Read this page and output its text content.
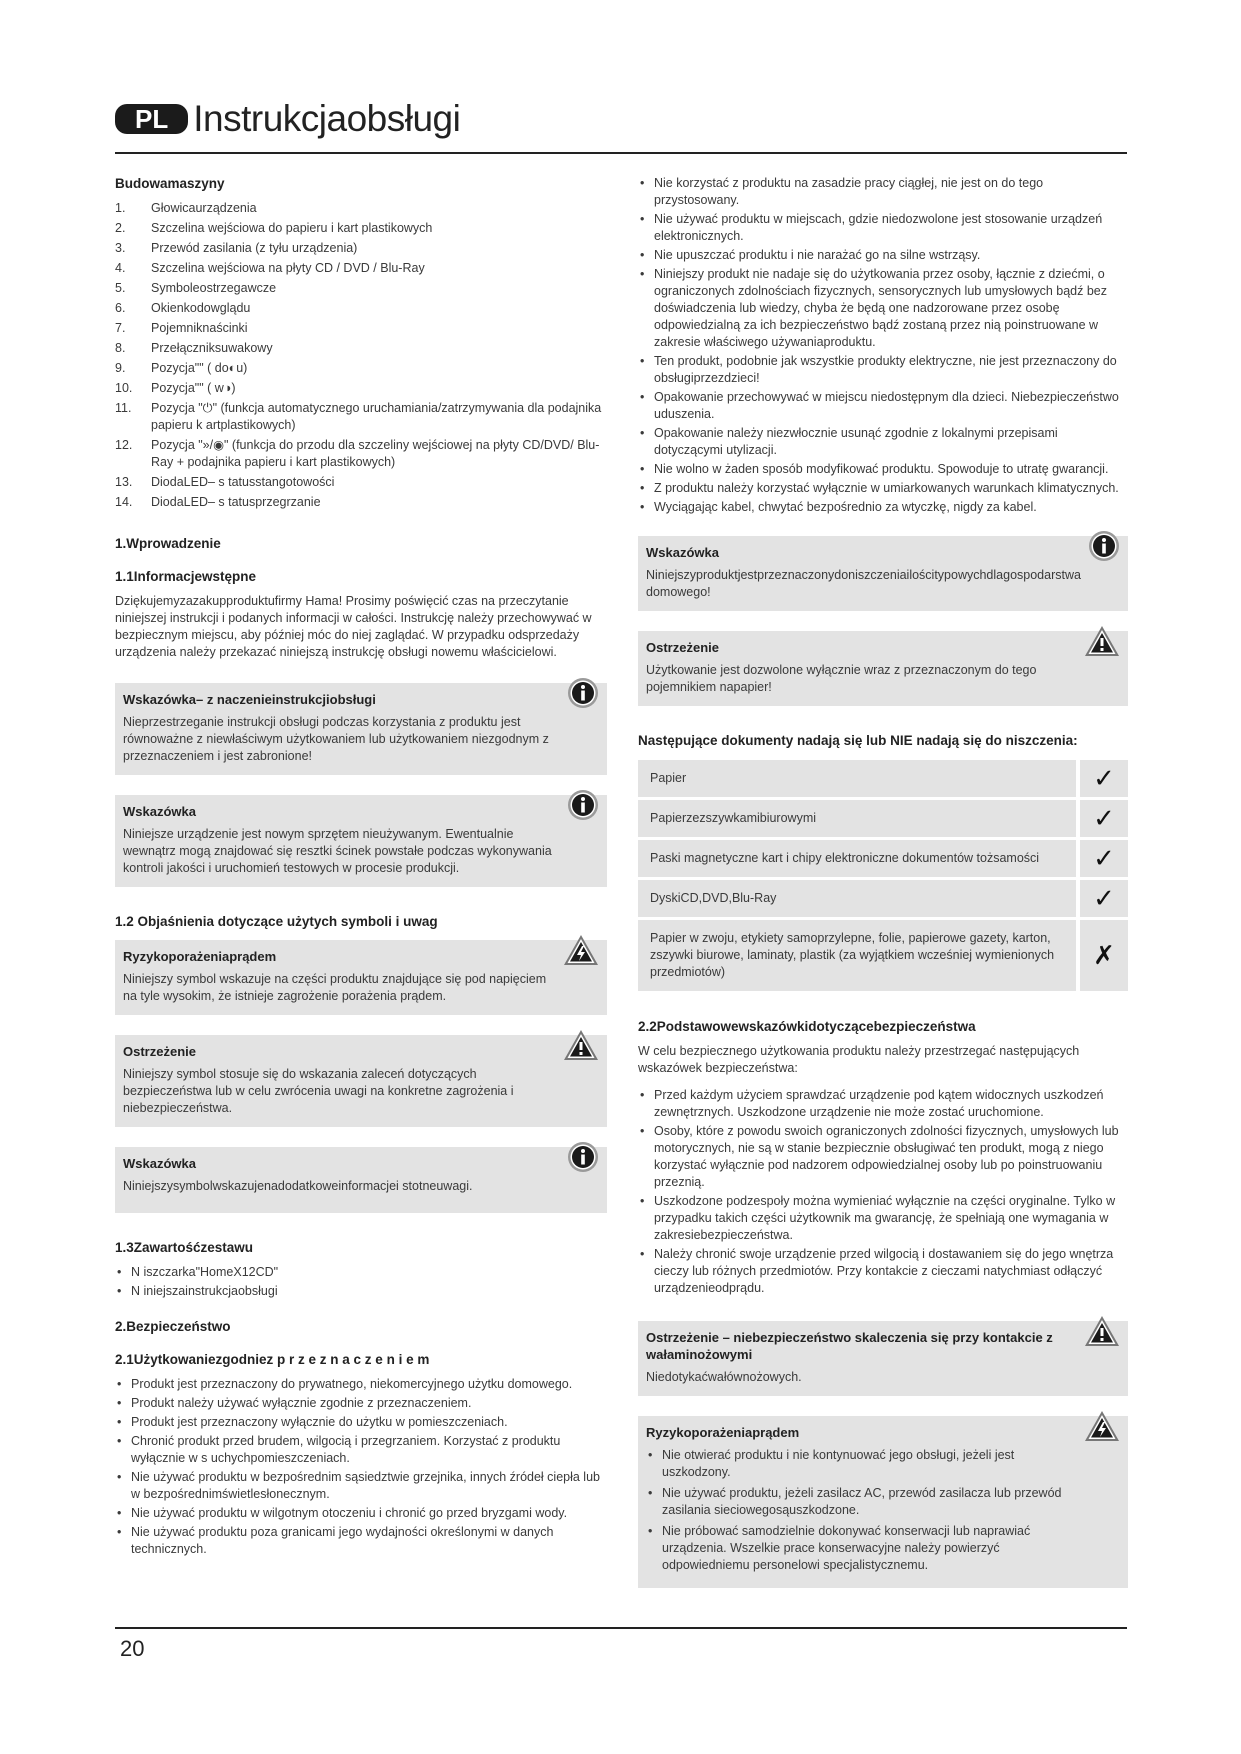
PL Instrukcjaobsługi
Budowamaszyny
1.	Głowicaurządzenia
2.	Szczelina wejściowa do papieru i kart plastikowych
3.	Przewód zasilania (z tyłu urządzenia)
4.	Szczelina wejściowa na płyty CD / DVD / Blu-Ray
5.	Symboleostrzegawcze
6.	Okienkodowglądu
7.	Pojemniknaścinki
8.	Przełączniksuwakowy
9.	Pozycja"" ( do◐u)
10.	Pozycja"" ( w◑)
11.	Pozycja "⏻" (funkcja automatycznego uruchamiania/zatrzymywania dla podajnika papieru k artplastikowych)
12.	Pozycja "»/◉" (funkcja do przodu dla szczeliny wejściowej na płyty CD/DVD/ Blu-Ray + podajnika papieru i kart plastikowych)
13.	DiodaLED– s tatusstangotowości
14.	DiodaLED– s tatusprzegrzanie
1.Wprowadzenie
1.1Informacjewstępne

Dziękujemyzazakupproduktufirmy Hama! Prosimy poświęcić czas na przeczytanie niniejszej instrukcji i podanych informacji w całości. Instrukcję należy przechowywać w bezpiecznym miejscu, aby później móc do niej zaglądać. W przypadku odsprzedaży urządzenia należy przekazać niniejszą instrukcję obsługi nowemu właścicielowi.

Wskazówka– z naczenieinstrukcjiobsługi

Nieprzestrzeganie instrukcji obsługi podczas korzystania z produktu jest równoważne z niewłaściwym użytkowaniem lub użytkowaniem niezgodnym z przeznaczeniem i jest zabronione!

Wskazówka

Niniejsze urządzenie jest nowym sprzętem nieużywanym. Ewentualnie wewnątrz mogą znajdować się resztki ścinek powstałe podczas wykonywania kontroli jakości i uruchomień testowych w procesie produkcji.

1.2 Objaśnienia dotyczące użytych symboli i uwag
Ryzykoporażeniaprądem

Niniejszy symbol wskazuje na części produktu znajdujące się pod napięciem na tyle wysokim, że istnieje zagrożenie porażenia prądem.

Ostrzeżenie

Niniejszy symbol stosuje się do wskazania zaleceń dotyczących bezpieczeństwa lub w celu zwrócenia uwagi na konkretne zagrożenia i niebezpieczeństwa.

Wskazówka

Niniejszysymbolwskazujenadodatkoweinformacjei stotneuwagi.

1.3Zawartośćzestawu
• N iszczarka"HomeX12CD"
• N iniejszainstrukcjaobsługi
2.Bezpieczeństwo
2.1Użytkowaniezgodniez p r z e z n a c z e n i e m
• Produkt jest przeznaczony do prywatnego, niekomercyjnego użytku domowego.
• Produkt należy używać wyłącznie zgodnie z przeznaczeniem.
• Produkt jest przeznaczony wyłącznie do użytku w pomieszczeniach.
• Chronić produkt przed brudem, wilgocią i przegrzaniem. Korzystać z produktu wyłącznie w s uchychpomieszczeniach.
• Nie używać produktu w bezpośrednim sąsiedztwie grzejnika, innych źródeł ciepła lub w bezpośrednimświetlesłonecznym.
• Nie używać produktu w wilgotnym otoczeniu i chronić go przed bryzgami wody.
• Nie używać produktu poza granicami jego wydajności określonymi w danych technicznych.
• Nie korzystać z produktu na zasadzie pracy ciągłej, nie jest on do tego przystosowany.
• Nie używać produktu w miejscach, gdzie niedozwolone jest stosowanie urządzeń elektronicznych.
• Nie upuszczać produktu i nie narażać go na silne wstrząsy.
• Niniejszy produkt nie nadaje się do użytkowania przez osoby, łącznie z dziećmi, o ograniczonych zdolnościach fizycznych, sensorycznych lub umysłowych bądź bez doświadczenia lub wiedzy, chyba że będą one nadzorowane przez osobę odpowiedzialną za ich bezpieczeństwo bądź zostaną przez nią poinstruowane w zakresie właściwego używaniaproduktu.
• Ten produkt, podobnie jak wszystkie produkty elektryczne, nie jest przeznaczony do obsługiprzezdzieci!
• Opakowanie przechowywać w miejscu niedostępnym dla dzieci. Niebezpieczeństwo uduszenia.
• Opakowanie należy niezwłocznie usunąć zgodnie z lokalnymi przepisami dotyczącymi utylizacji.
• Nie wolno w żaden sposób modyfikować produktu. Spowoduje to utratę gwarancji.
• Z produktu należy korzystać wyłącznie w umiarkowanych warunkach klimatycznych.
• Wyciągając kabel, chwytać bezpośrednio za wtyczkę, nigdy za kabel.
Wskazówka

Niniejszyproduktjestprzeznaczonydoniszczeniailościtypowychdlagospodarstwa domowego!

Ostrzeżenie

Użytkowanie jest dozwolone wyłącznie wraz z przeznaczonym do tego pojemnikiem napapier!

Następujące dokumenty nadają się lub NIE nadają się do niszczenia:
Papier	✓
Papierzezszywkamibiurowymi	✓
Paski magnetyczne kart i chipy elektroniczne dokumentów tożsamości	✓
DyskiCD,DVD,Blu-Ray	✓
Papier w zwoju, etykiety samoprzylepne, folie, papierowe gazety, karton, zszywki biurowe, laminaty, plastik (za wyjątkiem wcześniej wymienionych przedmiotów)	✗
2.2Podstawowewskazówkidotyczącebezpieczeństwa

W celu bezpiecznego użytkowania produktu należy przestrzegać następujących wskazówek bezpieczeństwa:

• Przed każdym użyciem sprawdzać urządzenie pod kątem widocznych uszkodzeń zewnętrznych. Uszkodzone urządzenie nie może zostać uruchomione.
• Osoby, które z powodu swoich ograniczonych zdolności fizycznych, umysłowych lub motorycznych, nie są w stanie bezpiecznie obsługiwać ten produkt, mogą z niego korzystać wyłącznie pod nadzorem odpowiedzialnej osoby lub po poinstruowaniu przeznią.
• Uszkodzone podzespoły można wymieniać wyłącznie na części oryginalne. Tylko w przypadku takich części użytkownik ma gwarancję, że spełniają one wymagania w zakresiebezpieczeństwa.
• Należy chronić swoje urządzenie przed wilgocią i dostawaniem się do jego wnętrza cieczy lub różnych przedmiotów. Przy kontakcie z cieczami natychmiast odłączyć urządzenieodprądu.
Ostrzeżenie – niebezpieczeństwo skaleczenia się przy kontakcie z wałaminożowymi

Niedotykaćwałównożowych.

Ryzykoporażeniaprądem
• Nie otwierać produktu i nie kontynuować jego obsługi, jeżeli jest uszkodzony.
• Nie używać produktu, jeżeli zasilacz AC, przewód zasilacza lub przewód zasilania sieciowegosąuszkodzone.
• Nie próbować samodzielnie dokonywać konserwacji lub naprawiać urządzenia. Wszelkie prace konserwacyjne należy powierzyć odpowiedniemu personelowi specjalistycznemu.
20
